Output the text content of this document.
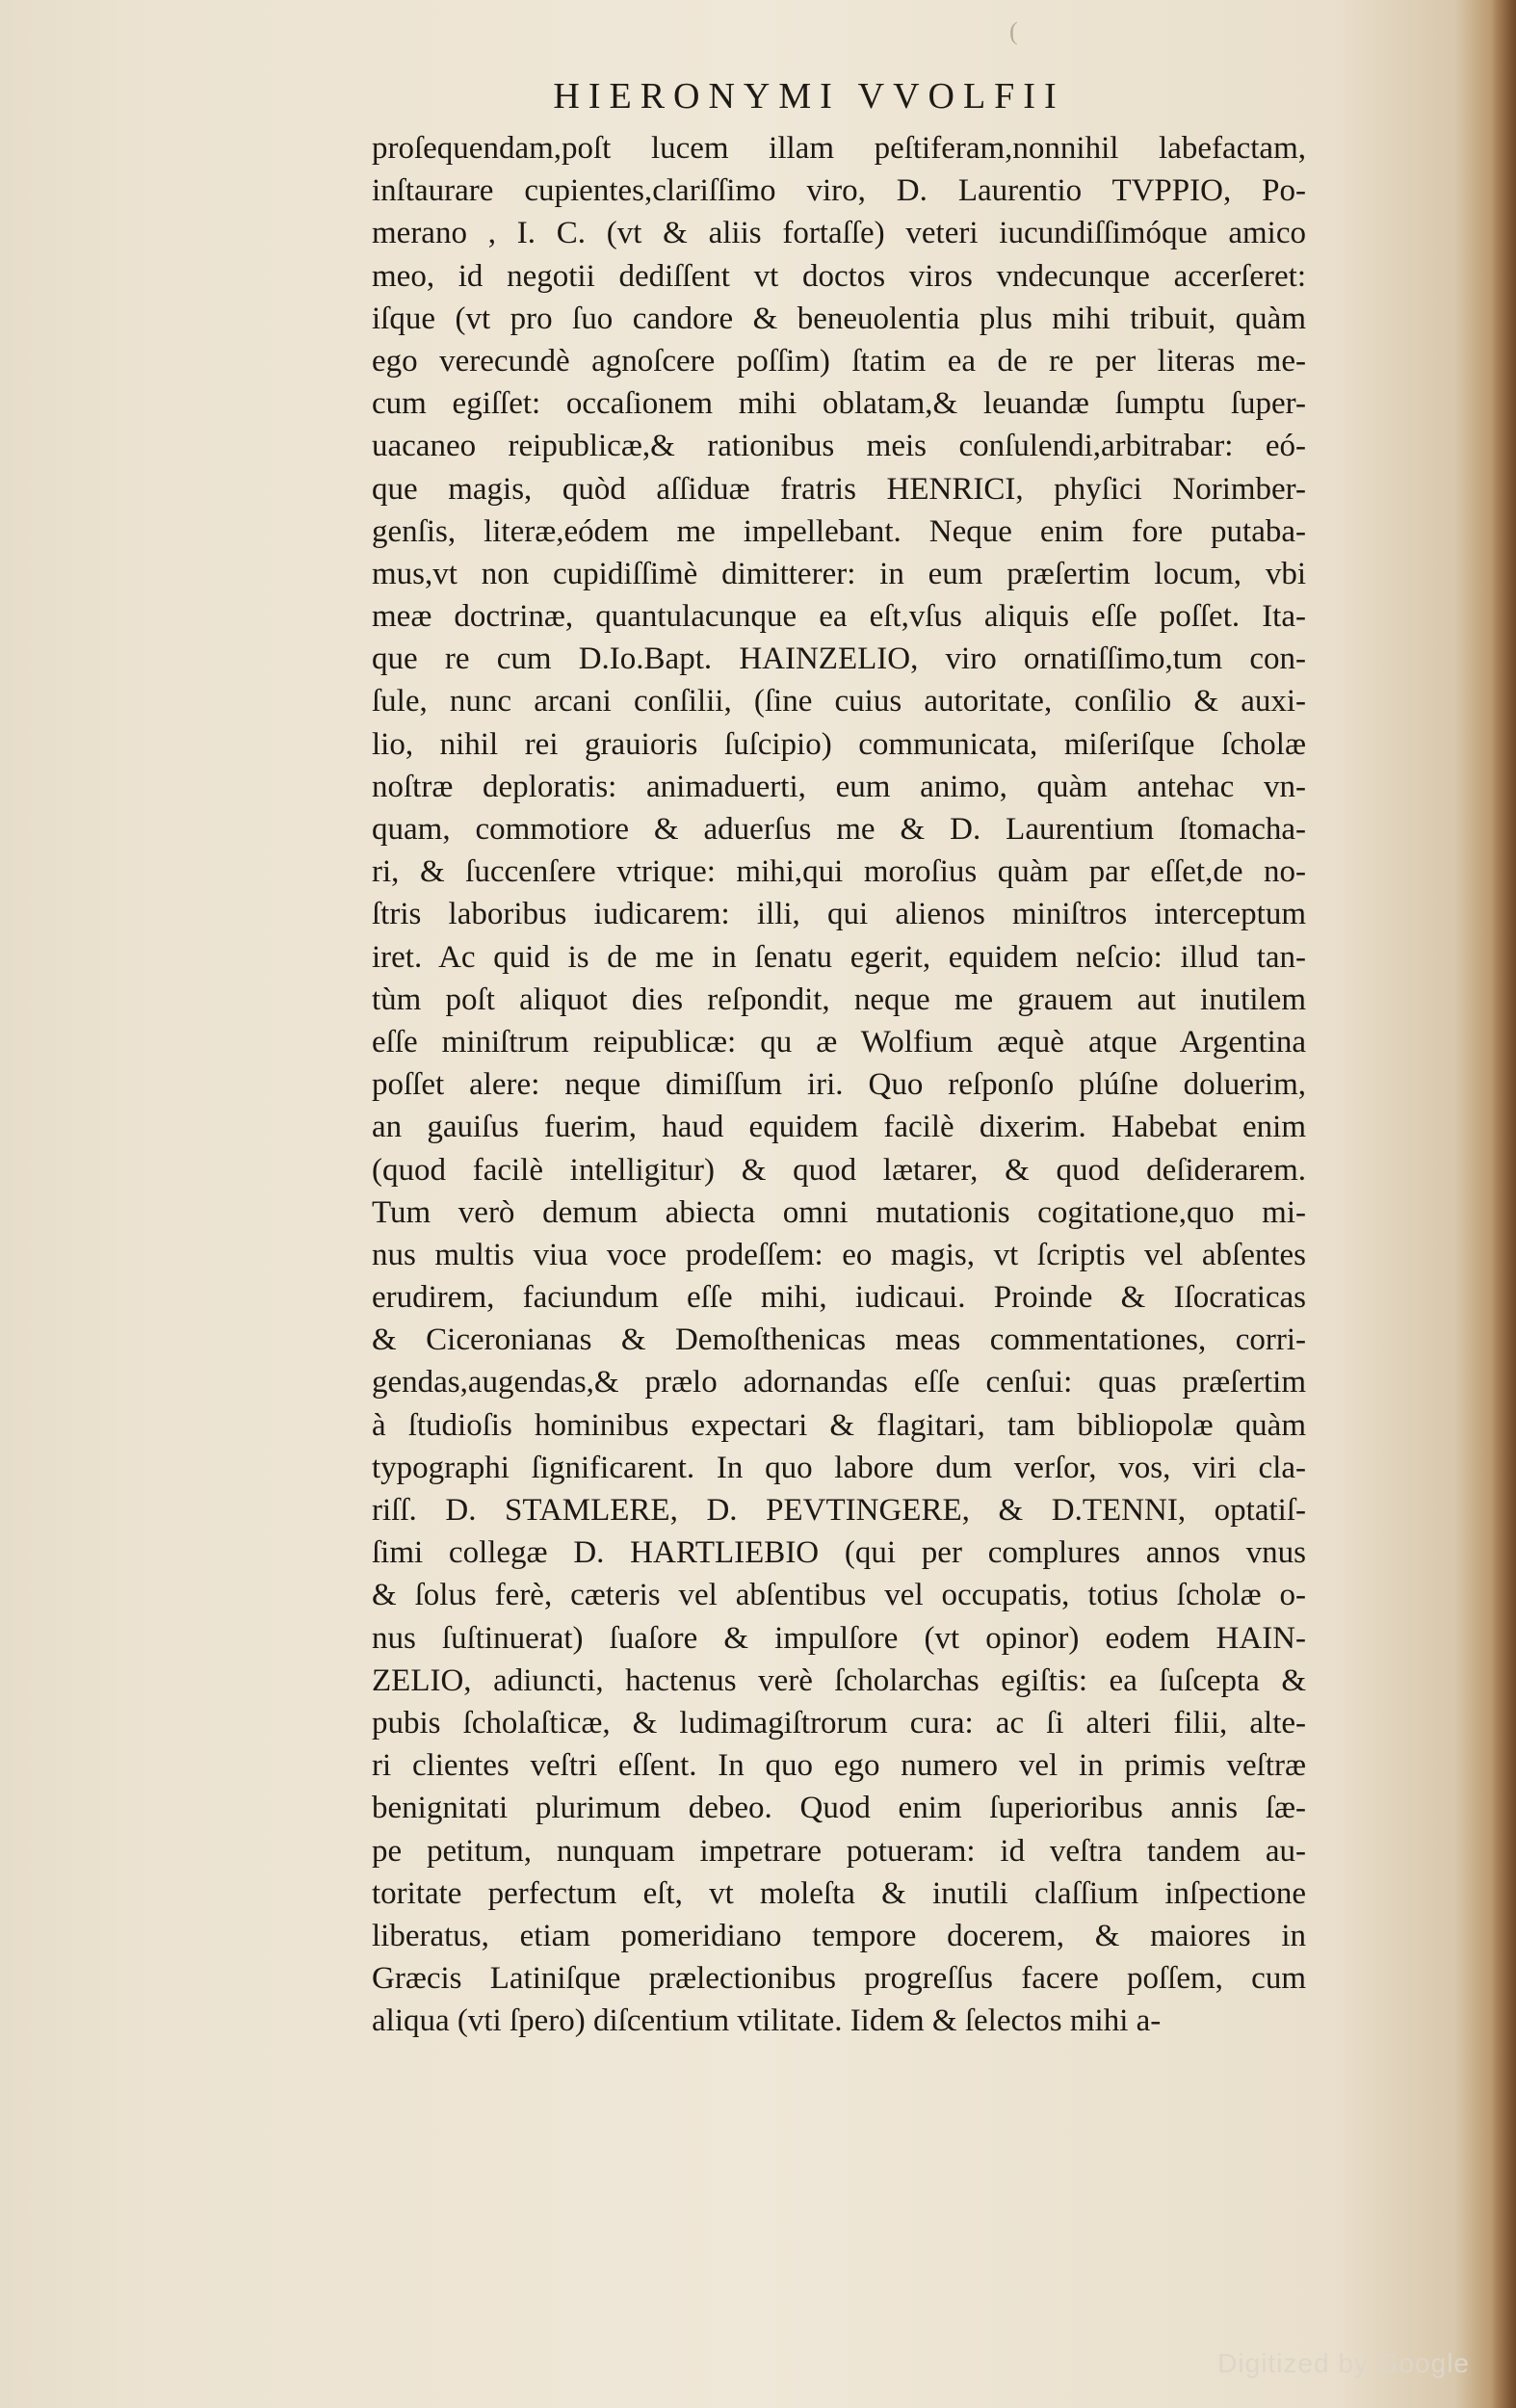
(
HIERONYMI VVOLFII
proſequendam,poſt lucem illam peſtiferam,nonnihil labefactam,
inſtaurare cupientes,clariſſimo viro, D. Laurentio TVPPIO, Po-
merano , I. C. (vt & aliis fortaſſe) veteri iucundiſſimóque amico
meo, id negotii dediſſent vt doctos viros vndecunque accerſeret:
iſque (vt pro ſuo candore & beneuolentia plus mihi tribuit, quàm
ego verecundè agnoſcere poſſim) ſtatim ea de re per literas me-
cum egiſſet: occaſionem mihi oblatam,& leuandæ ſumptu ſuper-
uacaneo reipublicæ,& rationibus meis conſulendi,arbitrabar: eó-
que magis, quòd aſſiduæ fratris HENRICI, phyſici Norimber-
genſis, literæ,eódem me impellebant. Neque enim fore putaba-
mus,vt non cupidiſſimè dimitterer: in eum præſertim locum, vbi
meæ doctrinæ, quantulacunque ea eſt,vſus aliquis eſſe poſſet. Ita-
que re cum D.Io.Bapt. HAINZELIO, viro ornatiſſimo,tum con-
ſule, nunc arcani conſilii, (ſine cuius autoritate, conſilio & auxi-
lio, nihil rei grauioris ſuſcipio) communicata, miſeriſque ſcholæ
noſtræ deploratis: animaduerti, eum animo, quàm antehac vn-
quam, commotiore & aduerſus me & D. Laurentium ſtomacha-
ri, & ſuccenſere vtrique: mihi,qui moroſius quàm par eſſet,de no-
ſtris laboribus iudicarem: illi, qui alienos miniſtros interceptum
iret. Ac quid is de me in ſenatu egerit, equidem neſcio: illud tan-
tùm poſt aliquot dies reſpondit, neque me grauem aut inutilem
eſſe miniſtrum reipublicæ: qu æ Wolfium æquè atque Argentina
poſſet alere: neque dimiſſum iri. Quo reſponſo plúſne doluerim,
an gauiſus fuerim, haud equidem facilè dixerim. Habebat enim
(quod facilè intelligitur) & quod lætarer, & quod deſiderarem.
Tum verò demum abiecta omni mutationis cogitatione,quo mi-
nus multis viua voce prodeſſem: eo magis, vt ſcriptis vel abſentes
erudirem, faciundum eſſe mihi, iudicaui. Proinde & Iſocraticas
& Ciceronianas & Demoſthenicas meas commentationes, corri-
gendas,augendas,& prælo adornandas eſſe cenſui: quas præſertim
à ſtudioſis hominibus expectari & flagitari, tam bibliopolæ quàm
typographi ſignificarent. In quo labore dum verſor, vos, viri cla-
riſſ. D. STAMLERE, D. PEVTINGERE, & D.TENNI, optatiſ-
ſimi collegæ D. HARTLIEBIO (qui per complures annos vnus
& ſolus ferè, cæteris vel abſentibus vel occupatis, totius ſcholæ o-
nus ſuſtinuerat) ſuaſore & impulſore (vt opinor) eodem HAIN-
ZELIO, adiuncti, hactenus verè ſcholarchas egiſtis: ea ſuſcepta &
pubis ſcholaſticæ, & ludimagiſtrorum cura: ac ſi alteri filii, alte-
ri clientes veſtri eſſent. In quo ego numero vel in primis veſtræ
benignitati plurimum debeo. Quod enim ſuperioribus annis ſæ-
pe petitum, nunquam impetrare potueram: id veſtra tandem au-
toritate perfectum eſt, vt moleſta & inutili claſſium inſpectione
liberatus, etiam pomeridiano tempore docerem, & maiores in
Græcis Latiniſque prælectionibus progreſſus facere poſſem, cum
aliqua (vti ſpero) diſcentium vtilitate. Iidem & ſelectos mihi a-
Digitized by Google
